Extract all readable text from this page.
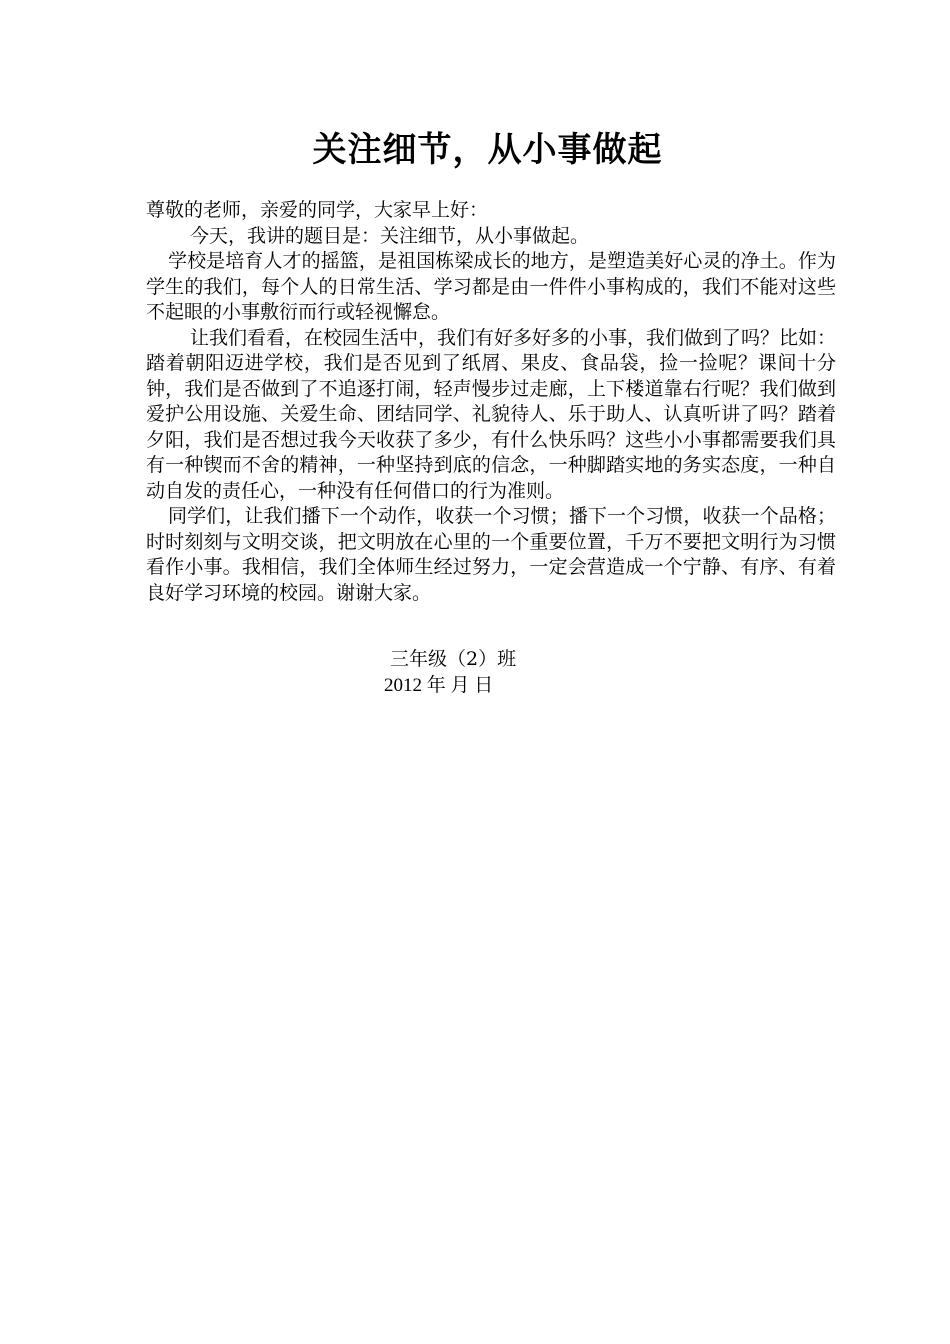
关注细节，从小事做起

尊敬的老师，亲爱的同学，大家早上好：

今天，我讲的题目是：关注细节，从小事做起。

学校是培育人才的摇篮，是祖国栋梁成长的地方，是塑造美好心灵的净土。作为学生的我们，每个人的日常生活、学习都是由一件件小事构成的，我们不能对这些不起眼的小事敷衍而行或轻视懈怠。

让我们看看，在校园生活中，我们有好多好多的小事，我们做到了吗？比如：踏着朝阳迈进学校，我们是否见到了纸屑、果皮、食品袋，捡一捡呢？课间十分钟，我们是否做到了不追逐打闹，轻声慢步过走廊，上下楼道靠右行呢？我们做到爱护公用设施、关爱生命、团结同学、礼貌待人、乐于助人、认真听讲了吗？踏着夕阳，我们是否想过我今天收获了多少，有什么快乐吗？这些小小事都需要我们具有一种锲而不舍的精神，一种坚持到底的信念，一种脚踏实地的务实态度，一种自动自发的责任心，一种没有任何借口的行为准则。

同学们，让我们播下一个动作，收获一个习惯；播下一个习惯，收获一个品格；时时刻刻与文明交谈，把文明放在心里的一个重要位置，千万不要把文明行为习惯看作小事。我相信，我们全体师生经过努力，一定会营造成一个宁静、有序、有着良好学习环境的校园。谢谢大家。

三年级（2）班
2012 年 月 日
